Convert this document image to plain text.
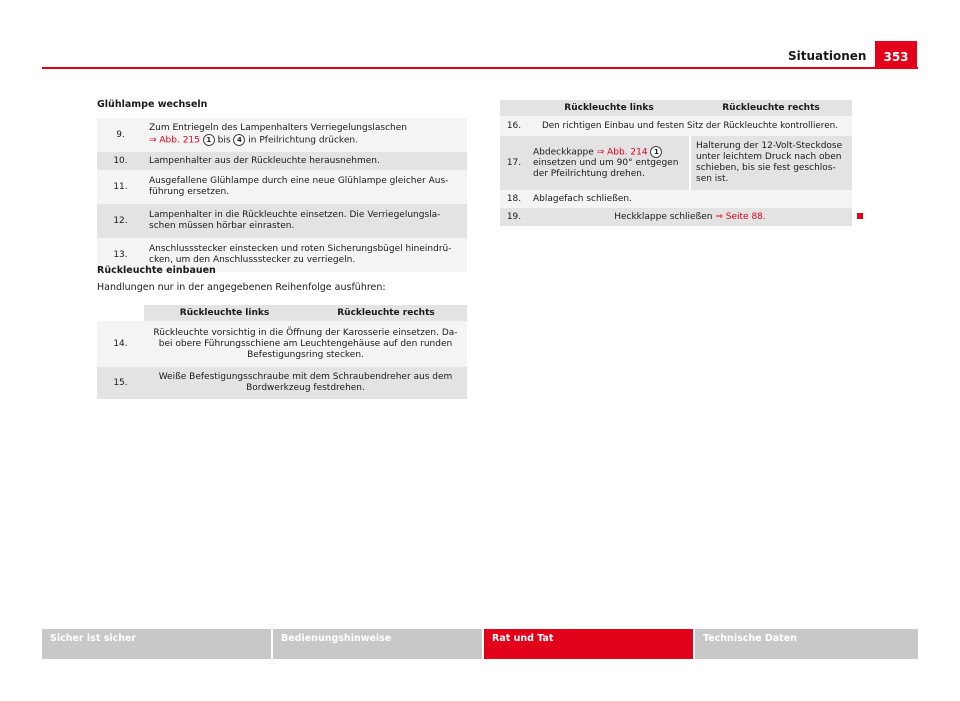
Situationen	353
Glühlampe wechseln
9.	Zum Entriegeln des Lampenhalters Verriegelungslaschen
⇒ Abb. 215 1 bis 4 in Pfeilrichtung drücken.
10.	Lampenhalter aus der Rückleuchte herausnehmen.
11.	Ausgefallene Glühlampe durch eine neue Glühlampe gleicher Aus-führung ersetzen.
12.	Lampenhalter in die Rückleuchte einsetzen. Die Verriegelungsla-schen müssen hörbar einrasten.
13.	Anschlussstecker einstecken und roten Sicherungsbügel hineindrü-cken, um den Anschlussstecker zu verriegeln.
Rückleuchte einbauen
Handlungen nur in der angegebenen Reihenfolge ausführen:
	Rückleuchte links	Rückleuchte rechts
14.	Rückleuchte vorsichtig in die Öffnung der Karosserie einsetzen. Da-bei obere Führungsschiene am Leuchtengehäuse auf den runden Befestigungsring stecken.	
15.	Weiße Befestigungsschraube mit dem Schraubendreher aus dem Bordwerkzeug festdrehen.	
	Rückleuchte links	Rückleuchte rechts
16.	Den richtigen Einbau und festen Sitz der Rückleuchte kontrollieren.	
17.	Abdeckkappe ⇒ Abb. 214 1 einsetzen und um 90° entgegen der Pfeilrichtung drehen.	Halterung der 12-Volt-Steckdose unter leichtem Druck nach oben schieben, bis sie fest geschlos-sen ist.
18.	Ablagefach schließen.	
19.	Heckklappe schließen ⇒ Seite 88.	
Sicher ist sicher	Bedienungshinweise	Rat und Tat	Technische Daten
